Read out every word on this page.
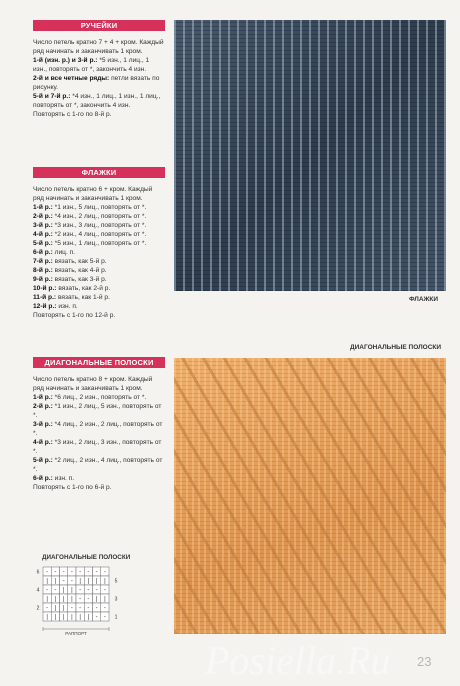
РУЧЕЙКИ

Число петель кратно 7 + 4 + кром. Каждый ряд начинать и заканчивать 1 кром.

1-й (изн. р.) и 3-й р.: *5 изн., 1 лиц., 1 изн., повторять от *, закончить 4 изн.

2-й и все четные ряды: петли вязать по рисунку.

5-й и 7-й р.: *4 изн., 1 лиц., 1 изн., 1 лиц., повторять от *, закончить 4 изн.

Повторять с 1-го по 8-й р.

ФЛАЖКИ

Число петель кратно 6 + кром. Каждый ряд начинать и заканчивать 1 кром.

1-й р.: *1 изн., 5 лиц., повторять от *.

2-й р.: *4 изн., 2 лиц., повторять от *.

3-й р.: *3 изн., 3 лиц., повторять от *.

4-й р.: *2 изн., 4 лиц., повторять от *.

5-й р.: *5 изн., 1 лиц., повторять от *.

6-й р.: лиц. п.

7-й р.: вязать, как 5-й р.

8-й р.: вязать, как 4-й р.

9-й р.: вязать, как 3-й р.

10-й р.: вязать, как 2-й р.

11-й р.: вязать, как 1-й р.

12-й р.: изн. п.

Повторять с 1-го по 12-й р.

ДИАГОНАЛЬНЫЕ ПОЛОСКИ

Число петель кратно 8 + кром. Каждый ряд начинать и заканчивать 1 кром.

1-й р.: *6 лиц., 2 изн., повторять от *.

2-й р.: *1 изн., 2 лиц., 5 изн., повторять от *.

3-й р.: *4 лиц., 2 изн., 2 лиц., повторять от *.

4-й р.: *3 изн., 2 лиц., 3 изн., повторять от *.

5-й р.: *2 лиц., 2 изн., 4 лиц., повторять от *.

6-й р.: изн. п.

Повторять с 1-го по 6-й р.

ФЛАЖКИ
ДИАГОНАЛЬНЫЕ ПОЛОСКИ
ДИАГОНАЛЬНЫЕ ПОЛОСКИ
- - - - - - - -
| | - - | | | |
- - | | - - - -
| | | | - - | |
- | | - - - - -
| | | | | | - -
6
4
2
5
3
1
РАППОРТ
23
Posiella.Ru
